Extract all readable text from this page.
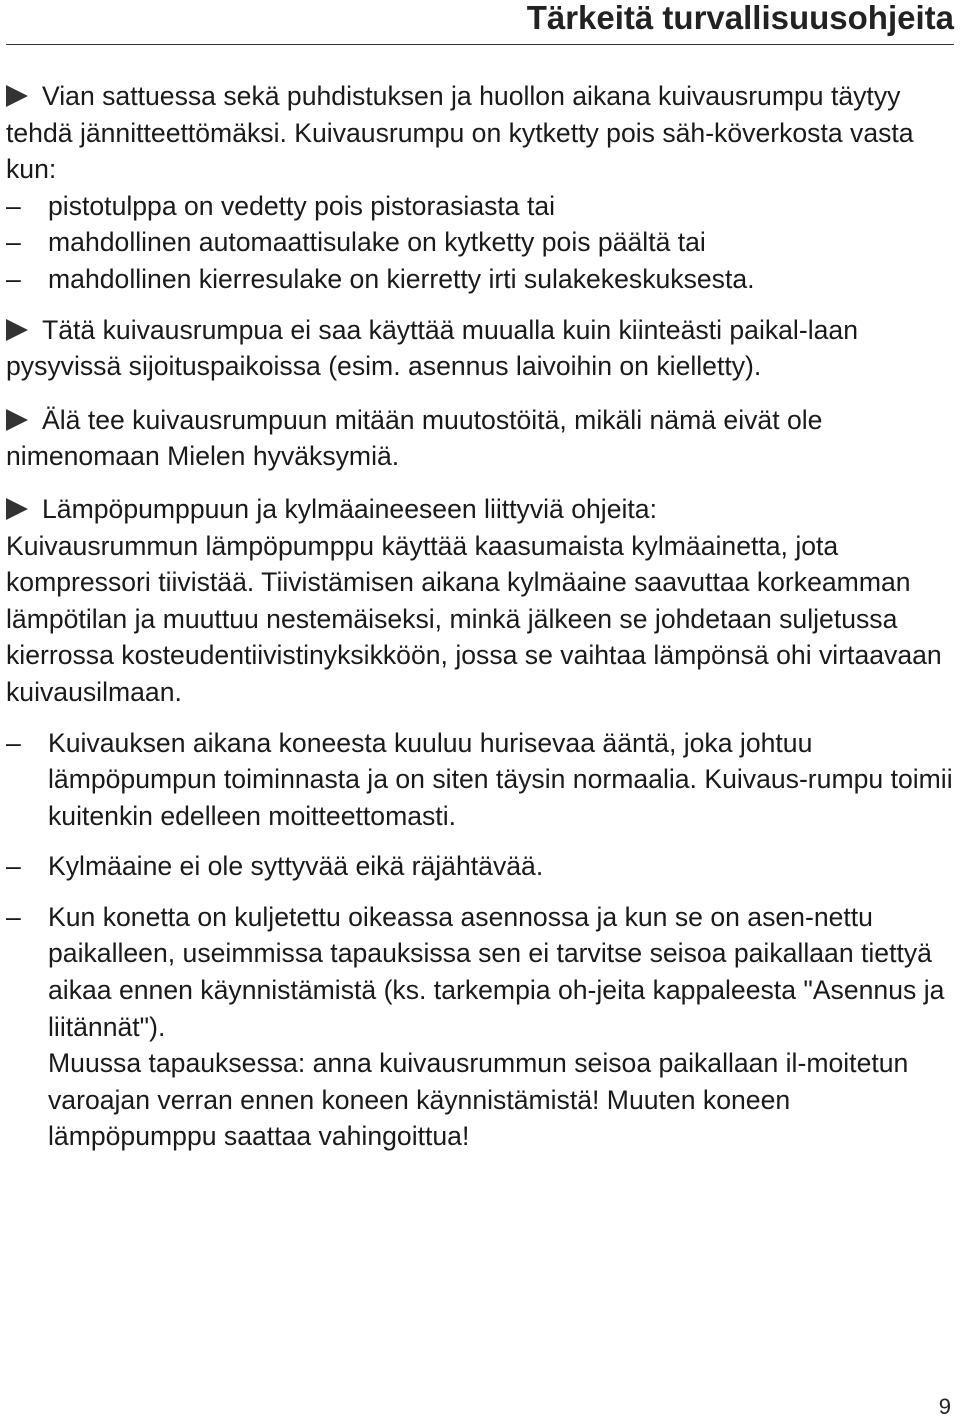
Tärkeitä turvallisuusohjeita

Vian sattuessa sekä puhdistuksen ja huollon aikana kuivausrumpu täytyy tehdä jännitteettömäksi. Kuivausrumpu on kytketty pois säh-köverkosta vasta kun:

– pistotulppa on vedetty pois pistorasiasta tai
– mahdollinen automaattisulake on kytketty pois päältä tai
– mahdollinen kierresulake on kierretty irti sulakekeskuksesta.

Tätä kuivausrumpua ei saa käyttää muualla kuin kiinteästi paikal-laan pysyvissä sijoituspaikoissa (esim. asennus laivoihin on kielletty).

Älä tee kuivausrumpuun mitään muutostöitä, mikäli nämä eivät ole nimenomaan Mielen hyväksymiä.

Lämpöpumppuun ja kylmäaineeseen liittyviä ohjeita:

Kuivausrummun lämpöpumppu käyttää kaasumaista kylmäainetta, jota kompressori tiivistää. Tiivistämisen aikana kylmäaine saavuttaa korkeamman lämpötilan ja muuttuu nestemäiseksi, minkä jälkeen se johdetaan suljetussa kierrossa kosteudentiivistinyksikköön, jossa se vaihtaa lämpönsä ohi virtaavaan kuivausilmaan.

– Kuivauksen aikana koneesta kuuluu hurisevaa ääntä, joka johtuu lämpöpumpun toiminnasta ja on siten täysin normaalia. Kuivaus-rumpu toimii kuitenkin edelleen moitteettomasti.
– Kylmäaine ei ole syttyvää eikä räjähtävää.
– Kun konetta on kuljetettu oikeassa asennossa ja kun se on asen-nettu paikalleen, useimmissa tapauksissa sen ei tarvitse seisoa paikallaan tiettyä aikaa ennen käynnistämistä (ks. tarkempia oh-jeita kappaleesta "Asennus ja liitännät").
Muussa tapauksessa: anna kuivausrummun seisoa paikallaan il-moitetun varoajan verran ennen koneen käynnistämistä! Muuten koneen lämpöpumppu saattaa vahingoittua!
9
